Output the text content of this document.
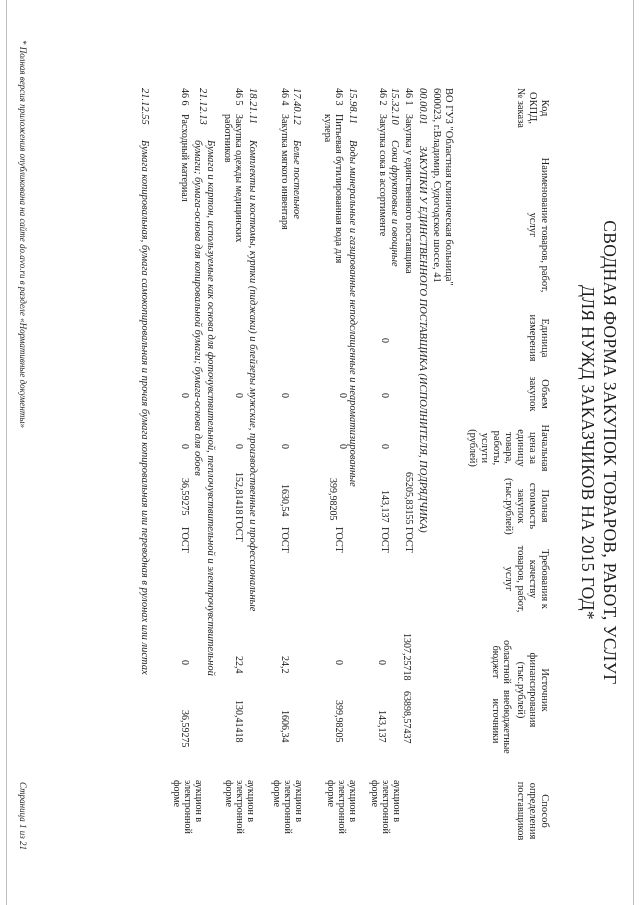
СВОДНАЯ ФОРМА ЗАКУПОК ТОВАРОВ, РАБОТ, УСЛУГ
ДЛЯ НУЖД ЗАКАЗЧИКОВ НА 2015 ГОД*
Код ОКПД, № заказа
Наименование товаров, работ, услуг
Единица измерения
Объем закупок
Начальная цена за единицу товара, работы, услуги (рублей)
Полная стоимость закупок (тыс.рублей)
Требования к качеству товаров, работ, услуг
Источник финансирования (тыс.рублей)
областной бюджет
внебюджетные источники
Способ определения поставщиков
ВО ГУЗ "Областная клиническая больница"
600023, г.Владимир, Судогодское шоссе, 41
00.00.01
ЗАКУПКИ У ЕДИНСТВЕННОГО ПОСТАВЩИКА (ИСПОЛНИТЕЛЯ, ПОДРЯДЧИКА)
46 1
Закупка у единственного поставщика
65205,83155
ГОСТ
1307,25718
63898,57437
15.32.10
Соки фруктовые и овощные
46 2
Закупка сока в ассортименте
0
0
0
143,137
ГОСТ
0
143,137
аукцион в электронной форме
15.98.11
Воды минеральные и газированные неподслащенные и неароматизированные
46 3
Питьевая бутилированная вода для кулера
0
0
399,98205
ГОСТ
0
399,98205
аукцион в электронной форме
17.40.12
Белье постельное
46 4
Закупка мягкого инвентаря
0
0
1630,54
ГОСТ
24,2
1606,34
аукцион в электронной форме
18.21.11
Комплекты и костюмы, куртки (пиджаки) и блейзеры мужские, производственные и профессиональные
46 5
Закупка одежды медицинских работников
0
0
152,81418
ГОСТ
22,4
130,41418
аукцион в электронной форме
21.12.13
Бумага и картон, используемые как основа для фоточувствительной, теплочувствительной и электрочувствительной
бумаги; бумага-основа для копировальной бумаги; бумага-основа для обоев
46 6
Расходный материал
0
0
36,59275
ГОСТ
0
36,59275
аукцион в электронной форме
21.12.55
Бумага копировальная, бумага самокопировальная и прочая бумага копировальная или переводная в рулонах или листах
* Полная версия приложения опубликована на сайте do.avo.ru в разделе «Нормативные документы»
Страница 1 из 21
